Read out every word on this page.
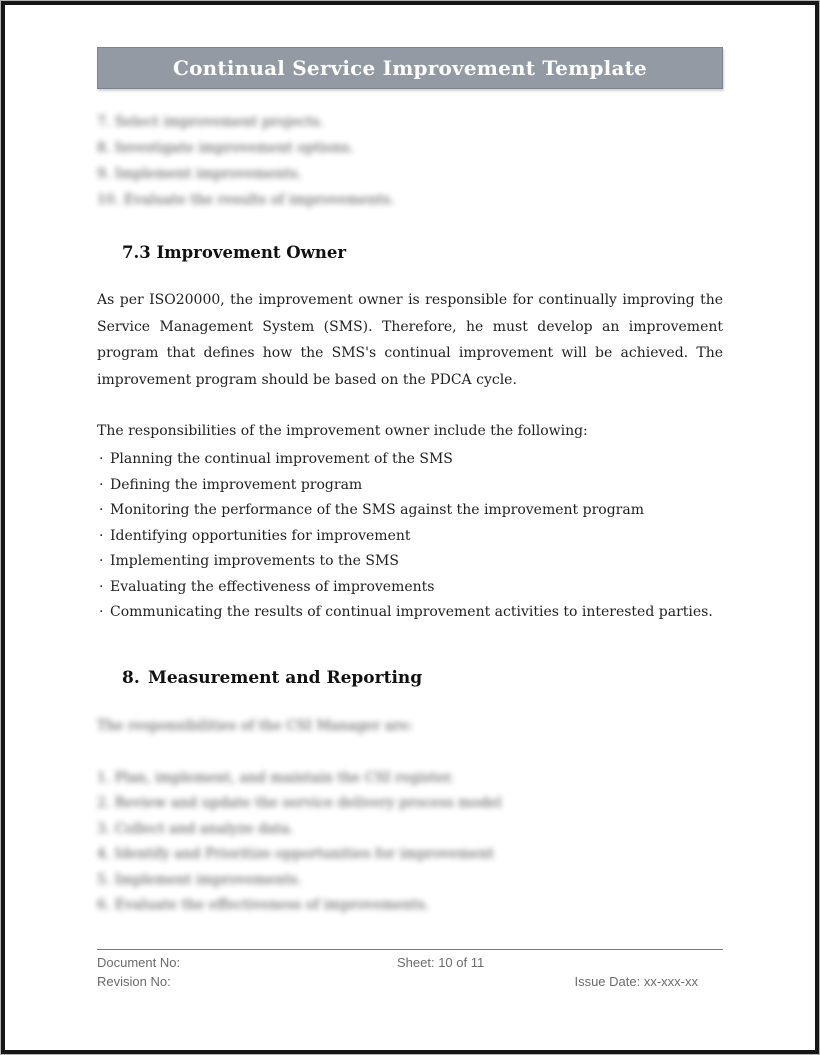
Continual Service Improvement Template
7. Select improvement projects.
8. Investigate improvement options.
9. Implement improvements.
10. Evaluate the results of improvements.
7.3 Improvement Owner
As per ISO20000, the improvement owner is responsible for continually improving the Service Management System (SMS). Therefore, he must develop an improvement program that defines how the SMS's continual improvement will be achieved. The improvement program should be based on the PDCA cycle.
The responsibilities of the improvement owner include the following:
· Planning the continual improvement of the SMS
· Defining the improvement program
· Monitoring the performance of the SMS against the improvement program
· Identifying opportunities for improvement
· Implementing improvements to the SMS
· Evaluating the effectiveness of improvements
· Communicating the results of continual improvement activities to interested parties.
8. Measurement and Reporting
The responsibilities of the CSI Manager are:
1. Plan, implement, and maintain the CSI register.
2. Review and update the service delivery process model
3. Collect and analyze data.
4. Identify and Prioritize opportunities for improvement
5. Implement improvements.
6. Evaluate the effectiveness of improvements.
Document No:	Sheet: 10 of 11
Revision No:	Issue Date: xx-xxx-xx
